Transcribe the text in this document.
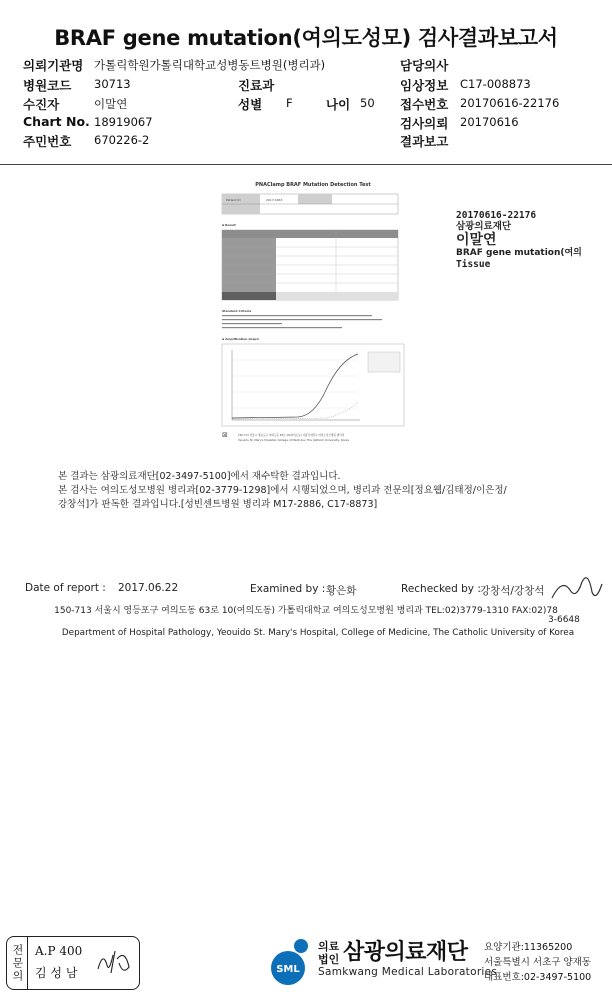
BRAF gene mutation(여의도성모) 검사결과보고서
의뢰기관명 가톨릭학원가톨릭대학교성병동트병원(병리과)	담당의사
병원코드 30713	진료과	임상정보 C17-008873
수진자	이말연	성별 F	나이 50 접수번호 20170616-22176
Chart No. 18919067	검사의뢰 20170616
주민번호 670226-2	결과보고
PNAClamp BRAF Mutation Detection Test
Patient ID	2017-1663
▪ Result
Standard Criteria
▪ Amplification Graph
⊠	150-713 서울시 영등포구 여의도동 63로 10(여의도동) 가톨릭대학교 여의도성모병원 병리과
Yeouido St. Mary's Hospital, College of Medicine, The Catholic University, Korea
20170616-22176
삼광의료재단
이말연
BRAF gene mutation(여의
Tissue
본 결과는 삼광의료재단[02-3497-5100]에서 재수탁한 결과입니다.
본 검사는 여의도성모병원 병리과[02-3779-1298]에서 시행되었으며, 병리과 전문의[정요웹/김태정/이은정/
강창석]가 판독한 결과입니다.[성빈센트병원 병리과 M17-2886, C17-8873]
Date of report : 2017.06.22	Examined by : 황은화	Rechecked by : 강창석/강창석
150-713 서울시 영등포구 여의도동 63로 10(여의도동) 가톨릭대학교 여의도성모병원 병리과 TEL:02)3779-1310 FAX:02)78
3-6648
Department of Hospital Pathology, Yeouido St. Mary's Hospital, College of Medicine, The Catholic University of Korea
전문의 A.P 400
김 성 남	SML
의료
법인 삼광의료재단
Samkwang Medical Laboratories
요양기관:11365200
서울특별시 서초구 양재동
대표번호:02-3497-5100
